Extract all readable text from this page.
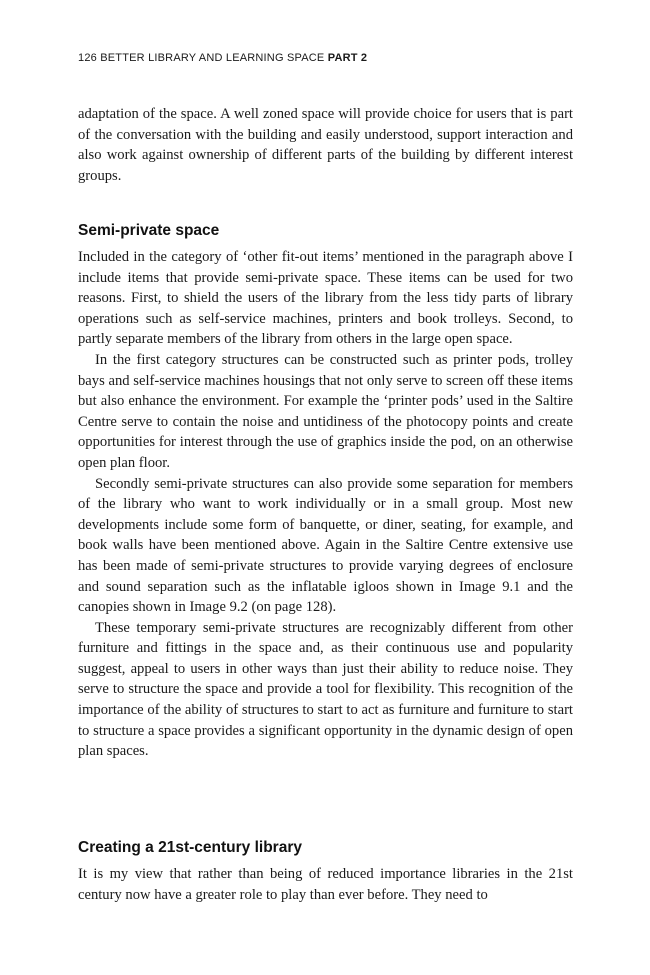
126 BETTER LIBRARY AND LEARNING SPACE PART 2

adaptation of the space. A well zoned space will provide choice for users that is part of the conversation with the building and easily understood, support interaction and also work against ownership of different parts of the building by different interest groups.

Semi-private space

Included in the category of ‘other fit-out items’ mentioned in the paragraph above I include items that provide semi-private space. These items can be used for two reasons. First, to shield the users of the library from the less tidy parts of library operations such as self-service machines, printers and book trolleys. Second, to partly separate members of the library from others in the large open space.

In the first category structures can be constructed such as printer pods, trolley bays and self-service machines housings that not only serve to screen off these items but also enhance the environment. For example the ‘printer pods’ used in the Saltire Centre serve to contain the noise and untidiness of the photocopy points and create opportunities for interest through the use of graphics inside the pod, on an otherwise open plan floor.

Secondly semi-private structures can also provide some separation for members of the library who want to work individually or in a small group. Most new developments include some form of banquette, or diner, seating, for example, and book walls have been mentioned above. Again in the Saltire Centre extensive use has been made of semi-private structures to provide varying degrees of enclosure and sound separation such as the inflatable igloos shown in Image 9.1 and the canopies shown in Image 9.2 (on page 128).

These temporary semi-private structures are recognizably different from other furniture and fittings in the space and, as their continuous use and popularity suggest, appeal to users in other ways than just their ability to reduce noise. They serve to structure the space and provide a tool for flexibility. This recognition of the importance of the ability of structures to start to act as furniture and furniture to start to structure a space provides a significant opportunity in the dynamic design of open plan spaces.

Creating a 21st-century library

It is my view that rather than being of reduced importance libraries in the 21st century now have a greater role to play than ever before. They need to
